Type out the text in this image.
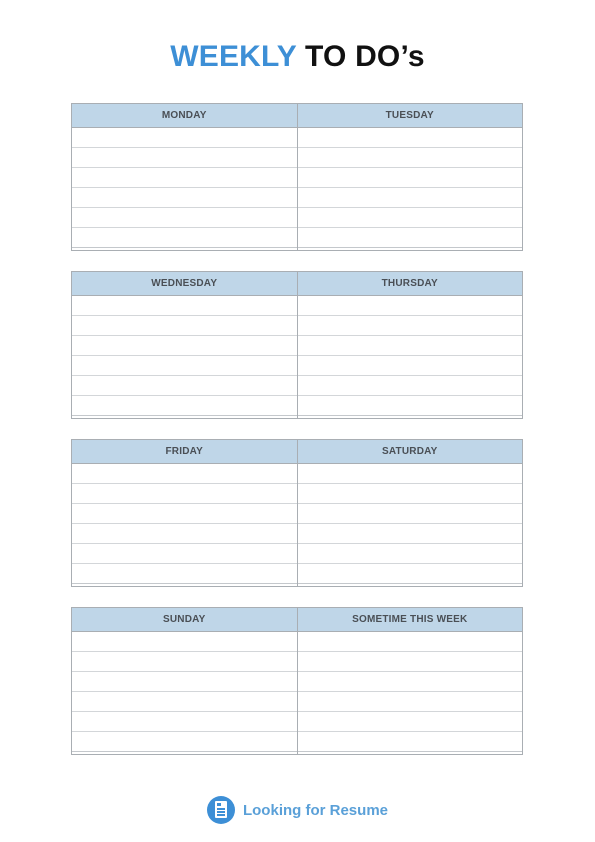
WEEKLY TO DO’s
MONDAY	TUESDAY
WEDNESDAY	THURSDAY
FRIDAY	SATURDAY
SUNDAY	SOMETIME THIS WEEK
Looking for Resume
